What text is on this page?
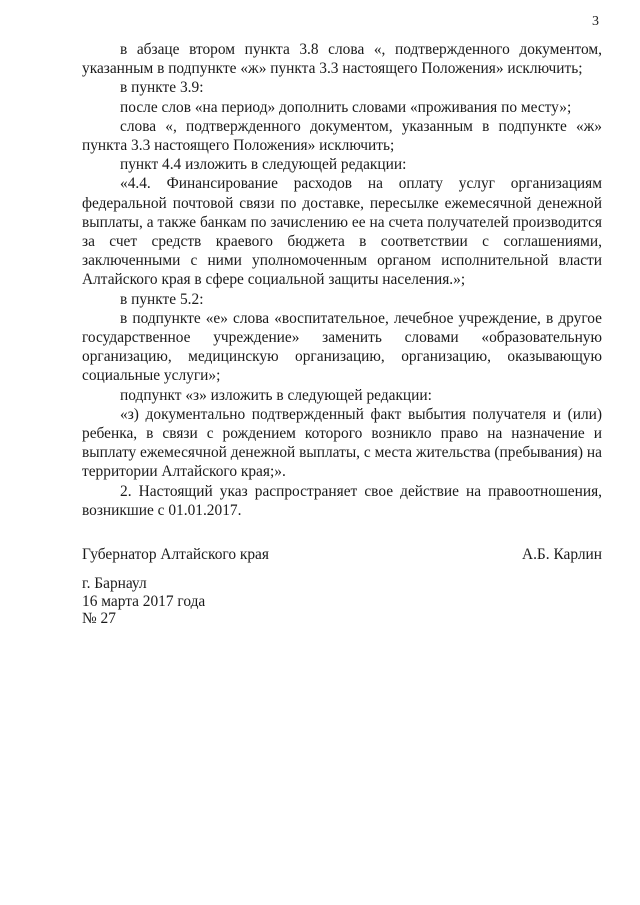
3

в абзаце втором пункта 3.8 слова «, подтвержденного документом, указанным в подпункте «ж» пункта 3.3 настоящего Положения» исключить;

в пункте 3.9:

после слов «на период» дополнить словами «проживания по месту»;

слова «, подтвержденного документом, указанным в подпункте «ж» пункта 3.3 настоящего Положения» исключить;

пункт 4.4 изложить в следующей редакции:

«4.4. Финансирование расходов на оплату услуг организациям федеральной почтовой связи по доставке, пересылке ежемесячной денежной выплаты, а также банкам по зачислению ее на счета получателей производится за счет средств краевого бюджета в соответствии с соглашениями, заключенными с ними уполномоченным органом исполнительной власти Алтайского края в сфере социальной защиты населения.»;

в пункте 5.2:

в подпункте «е» слова «воспитательное, лечебное учреждение, в другое государственное учреждение» заменить словами «образовательную организацию, медицинскую организацию, организацию, оказывающую социальные услуги»;

подпункт «з» изложить в следующей редакции:

«з) документально подтвержденный факт выбытия получателя и (или) ребенка, в связи с рождением которого возникло право на назначение и выплату ежемесячной денежной выплаты, с места жительства (пребывания) на территории Алтайского края;».

2. Настоящий указ распространяет свое действие на правоотношения, возникшие с 01.01.2017.

Губернатор Алтайского края	А.Б. Карлин
г. Барнаул
16 марта 2017 года
№ 27
